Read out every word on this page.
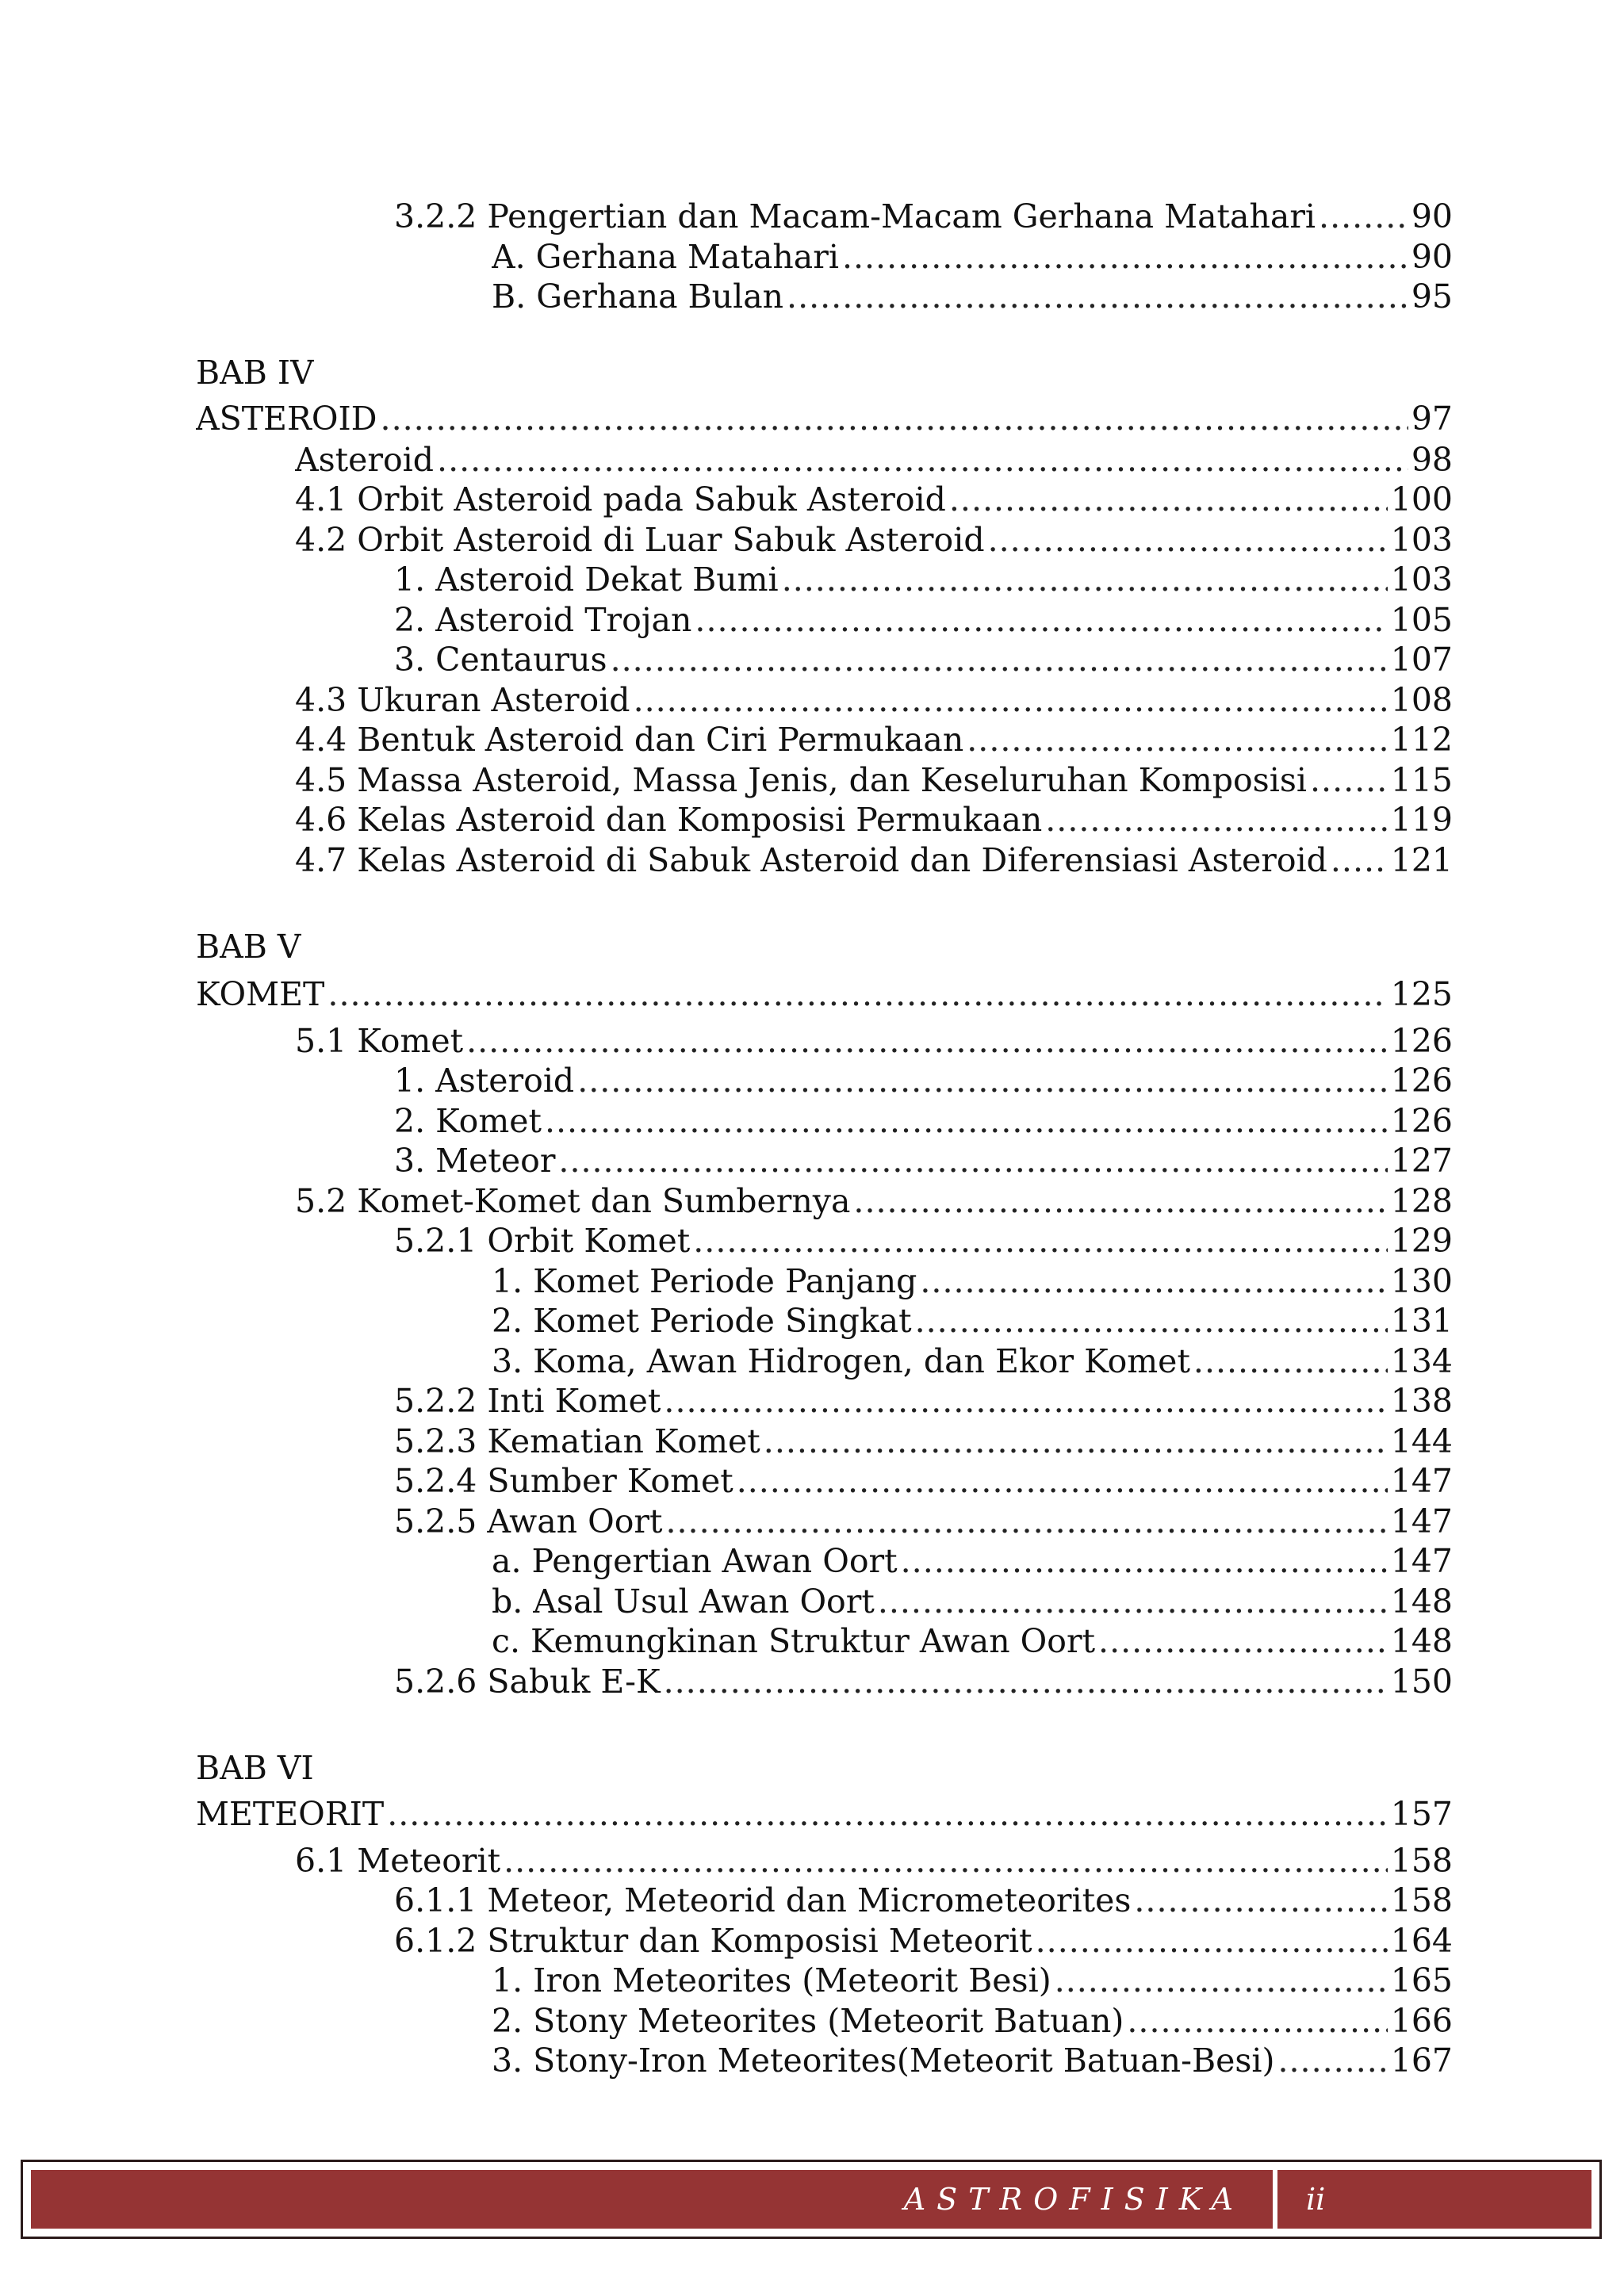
3.2.2 Pengertian dan Macam-Macam Gerhana Matahari .....	90
A. Gerhana Matahari .....	90
B. Gerhana Bulan .....	95
BAB IV
ASTEROID .....	97
Asteroid .....	98
4.1 Orbit Asteroid pada Sabuk Asteroid .....	100
4.2 Orbit Asteroid di Luar Sabuk Asteroid .....	103
1. Asteroid Dekat Bumi .....	103
2. Asteroid Trojan .....	105
3. Centaurus .....	107
4.3 Ukuran Asteroid .....	108
4.4 Bentuk Asteroid dan Ciri Permukaan .....	112
4.5 Massa Asteroid, Massa Jenis, dan Keseluruhan Komposisi .....	115
4.6 Kelas Asteroid dan Komposisi Permukaan .....	119
4.7 Kelas Asteroid di Sabuk Asteroid dan Diferensiasi Asteroid ..... 121
BAB V
KOMET .....	125
5.1 Komet .....	126
1. Asteroid .....	126
2. Komet .....	126
3. Meteor .....	127
5.2 Komet-Komet dan Sumbernya .....	128
5.2.1 Orbit Komet .....	129
1. Komet Periode Panjang .....	130
2. Komet Periode Singkat .....	131
3. Koma, Awan Hidrogen, dan Ekor Komet .....	134
5.2.2 Inti Komet .....	138
5.2.3 Kematian Komet .....	144
5.2.4 Sumber Komet .....	147
5.2.5 Awan Oort .....	147
a. Pengertian Awan Oort .....	147
b. Asal Usul Awan Oort .....	148
c. Kemungkinan Struktur Awan Oort .....	148
5.2.6 Sabuk E-K .....	150
BAB VI
METEORIT .....	157
6.1 Meteorit .....	158
6.1.1 Meteor, Meteorid dan Micrometeorites .....	158
6.1.2 Struktur dan Komposisi Meteorit .....	164
1. Iron Meteorites (Meteorit Besi) .....	165
2. Stony Meteorites (Meteorit Batuan) .....	166
3. Stony-Iron Meteorites(Meteorit Batuan-Besi) .....	167
ASTROFISIKA	ii
